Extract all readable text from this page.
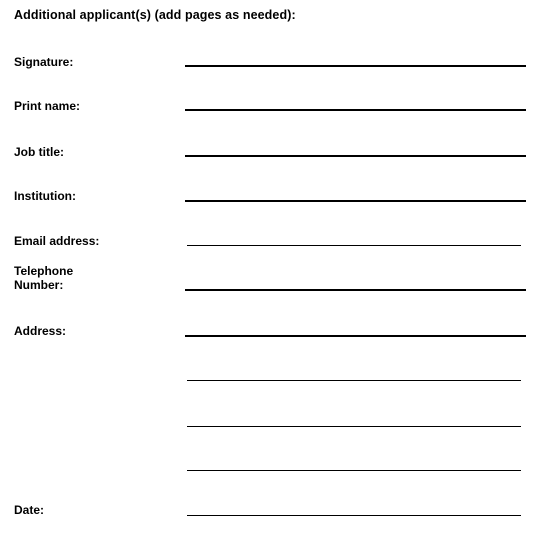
Additional applicant(s) (add pages as needed):
Signature:
Print name:
Job title:
Institution:
Email address:
Telephone
Number:
Address:
Date:
